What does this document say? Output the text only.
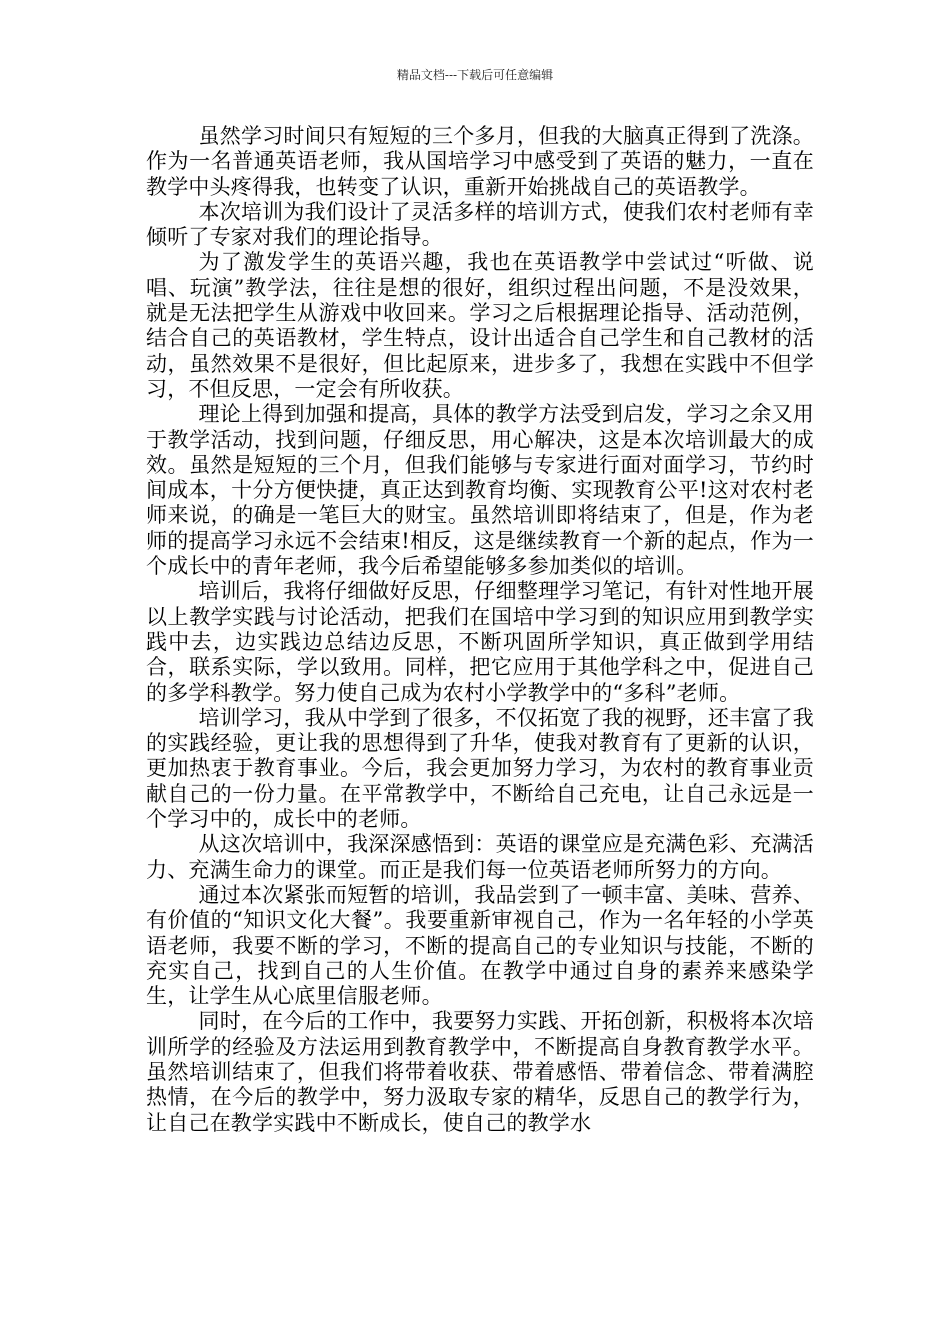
精品文档---下载后可任意编辑

虽然学习时间只有短短的三个多月，但我的大脑真正得到了洗涤。作为一名普通英语老师，我从国培学习中感受到了英语的魅力，一直在教学中头疼得我，也转变了认识，重新开始挑战自己的英语教学。

本次培训为我们设计了灵活多样的培训方式，使我们农村老师有幸倾听了专家对我们的理论指导。

为了激发学生的英语兴趣，我也在英语教学中尝试过“听做、说唱、玩演”教学法，往往是想的很好，组织过程出问题，不是没效果，就是无法把学生从游戏中收回来。学习之后根据理论指导、活动范例，结合自己的英语教材，学生特点，设计出适合自己学生和自己教材的活动，虽然效果不是很好，但比起原来，进步多了，我想在实践中不但学习，不但反思，一定会有所收获。

理论上得到加强和提高，具体的教学方法受到启发，学习之余又用于教学活动，找到问题，仔细反思，用心解决，这是本次培训最大的成效。虽然是短短的三个月，但我们能够与专家进行面对面学习，节约时间成本，十分方便快捷，真正达到教育均衡、实现教育公平!这对农村老师来说，的确是一笔巨大的财宝。虽然培训即将结束了，但是，作为老师的提高学习永远不会结束!相反，这是继续教育一个新的起点，作为一个成长中的青年老师，我今后希望能够多参加类似的培训。

培训后，我将仔细做好反思，仔细整理学习笔记，有针对性地开展以上教学实践与讨论活动，把我们在国培中学习到的知识应用到教学实践中去，边实践边总结边反思，不断巩固所学知识，真正做到学用结合，联系实际，学以致用。同样，把它应用于其他学科之中，促进自己的多学科教学。努力使自己成为农村小学教学中的“多科”老师。

培训学习，我从中学到了很多，不仅拓宽了我的视野，还丰富了我的实践经验，更让我的思想得到了升华，使我对教育有了更新的认识，更加热衷于教育事业。今后，我会更加努力学习，为农村的教育事业贡献自己的一份力量。在平常教学中，不断给自己充电，让自己永远是一个学习中的，成长中的老师。

从这次培训中，我深深感悟到：英语的课堂应是充满色彩、充满活力、充满生命力的课堂。而正是我们每一位英语老师所努力的方向。

通过本次紧张而短暂的培训，我品尝到了一顿丰富、美味、营养、有价值的“知识文化大餐”。我要重新审视自己，作为一名年轻的小学英语老师，我要不断的学习，不断的提高自己的专业知识与技能，不断的充实自己，找到自己的人生价值。在教学中通过自身的素养来感染学生，让学生从心底里信服老师。

同时，在今后的工作中，我要努力实践、开拓创新，积极将本次培训所学的经验及方法运用到教育教学中，不断提高自身教育教学水平。虽然培训结束了，但我们将带着收获、带着感悟、带着信念、带着满腔热情，在今后的教学中，努力汲取专家的精华，反思自己的教学行为，让自己在教学实践中不断成长，使自己的教学水
